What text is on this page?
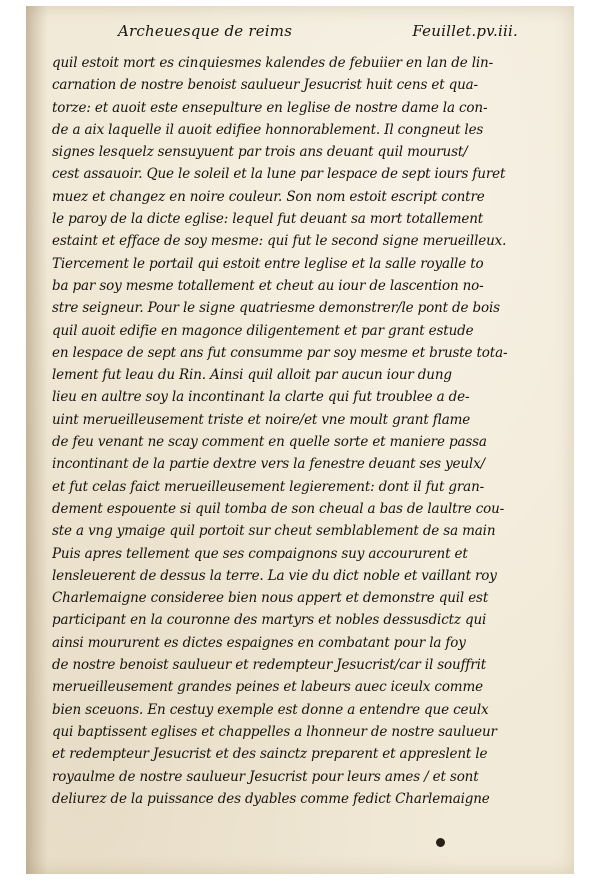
Archeuesque de reims	Feuillet.pv.iii.
quil estoit mort es cinquiesmes kalendes de febuiier en lan de lin-
carnation de nostre benoist saulueur Jesucrist huit cens et qua-
torze: et auoit este ensepulture en leglise de nostre dame la con-
de a aix laquelle il auoit edifiee honnorablement. Il congneut les
signes lesquelz sensuyuent par trois ans deuant quil mourust/
cest assauoir. Que le soleil et la lune par lespace de sept iours furet
muez et changez en noire couleur. Son nom estoit escript contre
le paroy de la dicte eglise: lequel fut deuant sa mort totallement
estaint et efface de soy mesme: qui fut le second signe merueilleux.
Tiercement le portail qui estoit entre leglise et la salle royalle to
ba par soy mesme totallement et cheut au iour de lascention no-
stre seigneur. Pour le signe quatriesme demonstrer/le pont de bois
quil auoit edifie en magonce diligentement et par grant estude
en lespace de sept ans fut consumme par soy mesme et bruste tota-
lement fut leau du Rin. Ainsi quil alloit par aucun iour dung
lieu en aultre soy la incontinant la clarte qui fut troublee a de-
uint merueilleusement triste et noire/et vne moult grant flame
de feu venant ne scay comment en quelle sorte et maniere passa
incontinant de la partie dextre vers la fenestre deuant ses yeulx/
et fut celas faict merueilleusement legierement: dont il fut gran-
dement espouente si quil tomba de son cheual a bas de laultre cou-
ste a vng ymaige quil portoit sur cheut semblablement de sa main
Puis apres tellement que ses compaignons suy accoururent et
lensleuerent de dessus la terre. La vie du dict noble et vaillant roy
Charlemaigne consideree bien nous appert et demonstre quil est
participant en la couronne des martyrs et nobles dessusdictz qui
ainsi moururent es dictes espaignes en combatant pour la foy
de nostre benoist saulueur et redempteur Jesucrist/car il souffrit
merueilleusement grandes peines et labeurs auec iceulx comme
bien sceuons. En cestuy exemple est donne a entendre que ceulx
qui baptissent eglises et chappelles a lhonneur de nostre saulueur
et redempteur Jesucrist et des sainctz preparent et appreslent le
royaulme de nostre saulueur Jesucrist pour leurs ames / et sont
deliurez de la puissance des dyables comme fedict Charlemaigne
